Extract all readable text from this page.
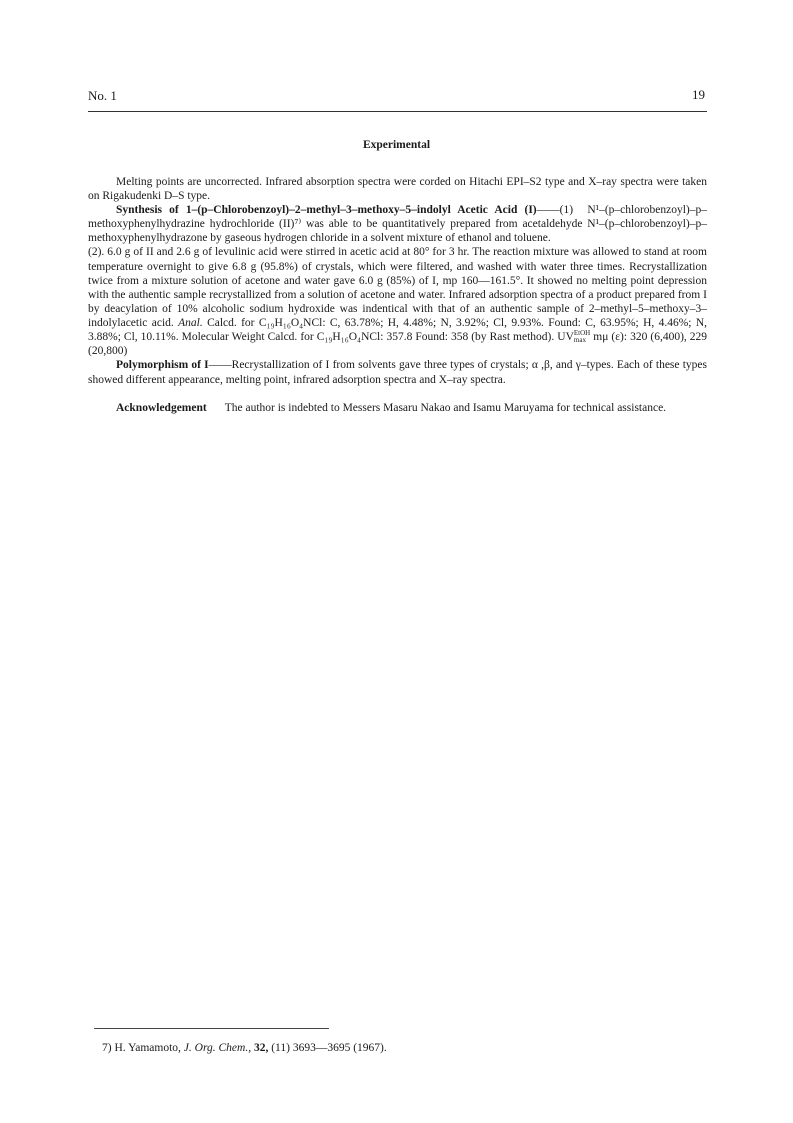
No. 1	19
Experimental

Melting points are uncorrected. Infrared absorption spectra were corded on Hitachi EPI–S2 type and X–ray spectra were taken on Rigakudenki D–S type.

Synthesis of 1–(p–Chlorobenzoyl)–2–methyl–3–methoxy–5–indolyl Acetic Acid (I)——(1) N¹–(p–chlorobenzoyl)–p–methoxyphenylhydrazine hydrochloride (II)⁷⁾ was able to be quantitatively prepared from acetaldehyde N¹–(p–chlorobenzoyl)–p–methoxyphenylhydrazone by gaseous hydrogen chloride in a solvent mixture of ethanol and toluene.

(2). 6.0 g of II and 2.6 g of levulinic acid were stirred in acetic acid at 80° for 3 hr. The reaction mixture was allowed to stand at room temperature overnight to give 6.8 g (95.8%) of crystals, which were filtered, and washed with water three times. Recrystallization twice from a mixture solution of acetone and water gave 6.0 g (85%) of I, mp 160—161.5°. It showed no melting point depression with the authentic sample recrystallized from a solution of acetone and water. Infrared adsorption spectra of a product prepared from I by deacylation of 10% alcoholic sodium hydroxide was indentical with that of an authentic sample of 2–methyl–5–methoxy–3–indolylacetic acid. Anal. Calcd. for C₁₉H₁₆O₄NCl: C, 63.78%; H, 4.48%; N, 3.92%; Cl, 9.93%. Found: C, 63.95%; H, 4.46%; N, 3.88%; Cl, 10.11%. Molecular Weight Calcd. for C₁₉H₁₆O₄NCl: 357.8 Found: 358 (by Rast method). UV EtOH
max mμ (ε): 320 (6,400), 229 (20,800)

Polymorphism of I——Recrystallization of I from solvents gave three types of crystals; α ,β, and γ–types. Each of these types showed different appearance, melting point, infrared adsorption spectra and X–ray spectra.

Acknowledgement The author is indebted to Messers Masaru Nakao and Isamu Maruyama for technical assistance.

7) H. Yamamoto, J. Org. Chem., 32, (11) 3693—3695 (1967).
